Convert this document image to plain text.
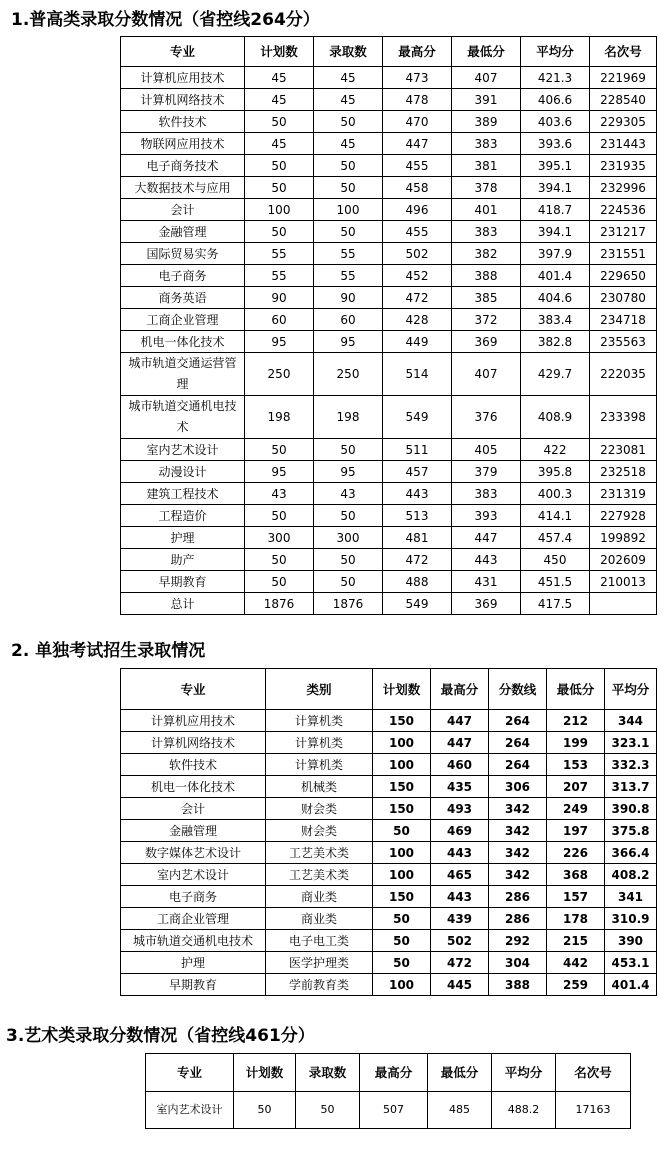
1.普高类录取分数情况（省控线264分）
专业	计划数	录取数	最高分	最低分	平均分	名次号
计算机应用技术	45	45	473	407	421.3	221969
计算机网络技术	45	45	478	391	406.6	228540
软件技术	50	50	470	389	403.6	229305
物联网应用技术	45	45	447	383	393.6	231443
电子商务技术	50	50	455	381	395.1	231935
大数据技术与应用	50	50	458	378	394.1	232996
会计	100	100	496	401	418.7	224536
金融管理	50	50	455	383	394.1	231217
国际贸易实务	55	55	502	382	397.9	231551
电子商务	55	55	452	388	401.4	229650
商务英语	90	90	472	385	404.6	230780
工商企业管理	60	60	428	372	383.4	234718
机电一体化技术	95	95	449	369	382.8	235563
城市轨道交通运营管理	250	250	514	407	429.7	222035
城市轨道交通机电技术	198	198	549	376	408.9	233398
室内艺术设计	50	50	511	405	422	223081
动漫设计	95	95	457	379	395.8	232518
建筑工程技术	43	43	443	383	400.3	231319
工程造价	50	50	513	393	414.1	227928
护理	300	300	481	447	457.4	199892
助产	50	50	472	443	450	202609
早期教育	50	50	488	431	451.5	210013
总计	1876	1876	549	369	417.5	
2. 单独考试招生录取情况
专业	类别	计划数	最高分	分数线	最低分	平均分
计算机应用技术	计算机类	150	447	264	212	344
计算机网络技术	计算机类	100	447	264	199	323.1
软件技术	计算机类	100	460	264	153	332.3
机电一体化技术	机械类	150	435	306	207	313.7
会计	财会类	150	493	342	249	390.8
金融管理	财会类	50	469	342	197	375.8
数字媒体艺术设计	工艺美术类	100	443	342	226	366.4
室内艺术设计	工艺美术类	100	465	342	368	408.2
电子商务	商业类	150	443	286	157	341
工商企业管理	商业类	50	439	286	178	310.9
城市轨道交通机电技术	电子电工类	50	502	292	215	390
护理	医学护理类	50	472	304	442	453.1
早期教育	学前教育类	100	445	388	259	401.4
3.艺术类录取分数情况（省控线461分）
专业	计划数	录取数	最高分	最低分	平均分	名次号
室内艺术设计	50	50	507	485	488.2	17163
